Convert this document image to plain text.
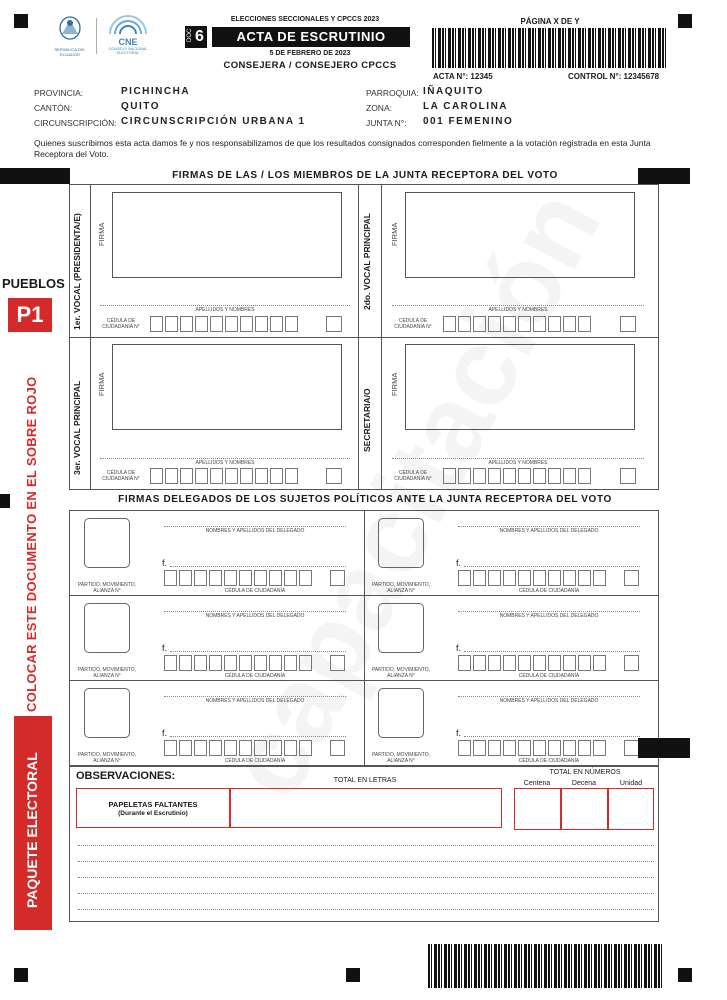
REPÚBLICA DEL ECUADOR
CNE
CONSEJO NACIONAL ELECTORAL
ELECCIONES SECCIONALES Y CPCCS 2023
DOC 6	ACTA DE ESCRUTINIO
5 DE FEBRERO DE 2023
CONSEJERA / CONSEJERO CPCCS
PÁGINA X DE Y
ACTA N°: 12345	CONTROL N°: 12345678
PROVINCIA:	PICHINCHA
CANTÓN:	QUITO
CIRCUNSCRIPCIÓN: CIRCUNSCRIPCIÓN URBANA 1
PARROQUIA: IÑAQUITO
ZONA:	LA CAROLINA
JUNTA N°: 001 FEMENINO
Quienes suscribimos esta acta damos fe y nos responsabilizamos de que los resultados consignados corresponden fielmente a la votación registrada en esta Junta Receptora del Voto.
FIRMAS DE LAS / LOS MIEMBROS DE LA JUNTA RECEPTORA DEL VOTO
1er. VOCAL (PRESIDENTA/E)	2do. VOCAL PRINCIPAL
3er. VOCAL PRINCIPAL	SECRETARIA/O
FIRMA
APELLIDOS Y NOMBRES
CÉDULA DE CIUDADANÍA N°
FIRMA
APELLIDOS Y NOMBRES
CÉDULA DE CIUDADANÍA N°
FIRMA
APELLIDOS Y NOMBRES
CÉDULA DE CIUDADANÍA N°
FIRMA
APELLIDOS Y NOMBRES
CÉDULA DE CIUDADANÍA N°
FIRMAS DELEGADOS DE LOS SUJETOS POLÍTICOS ANTE LA JUNTA RECEPTORA DEL VOTO
PARTIDO, MOVIMIENTO, ALIANZA N°
NOMBRES Y APELLIDOS DEL DELEGADO
f.
CÉDULA DE CIUDADANÍA
PARTIDO, MOVIMIENTO, ALIANZA N°
NOMBRES Y APELLIDOS DEL DELEGADO
f.
CÉDULA DE CIUDADANÍA
PARTIDO, MOVIMIENTO, ALIANZA N°
NOMBRES Y APELLIDOS DEL DELEGADO
f.
CÉDULA DE CIUDADANÍA
PARTIDO, MOVIMIENTO, ALIANZA N°
NOMBRES Y APELLIDOS DEL DELEGADO
f.
CÉDULA DE CIUDADANÍA
PARTIDO, MOVIMIENTO, ALIANZA N°
NOMBRES Y APELLIDOS DEL DELEGADO
f.
CÉDULA DE CIUDADANÍA
PARTIDO, MOVIMIENTO, ALIANZA N°
NOMBRES Y APELLIDOS DEL DELEGADO
f.
CÉDULA DE CIUDADANÍA
PUEBLOS
P1
COLOCAR ESTE DOCUMENTO EN EL SOBRE ROJO
PAQUETE ELECTORAL	OBSERVACIONES:	TOTAL EN LETRAS
TOTAL EN NÚMEROS
Centena	Decena	Unidad
PAPELETAS FALTANTES
(Durante el Escrutinio)
